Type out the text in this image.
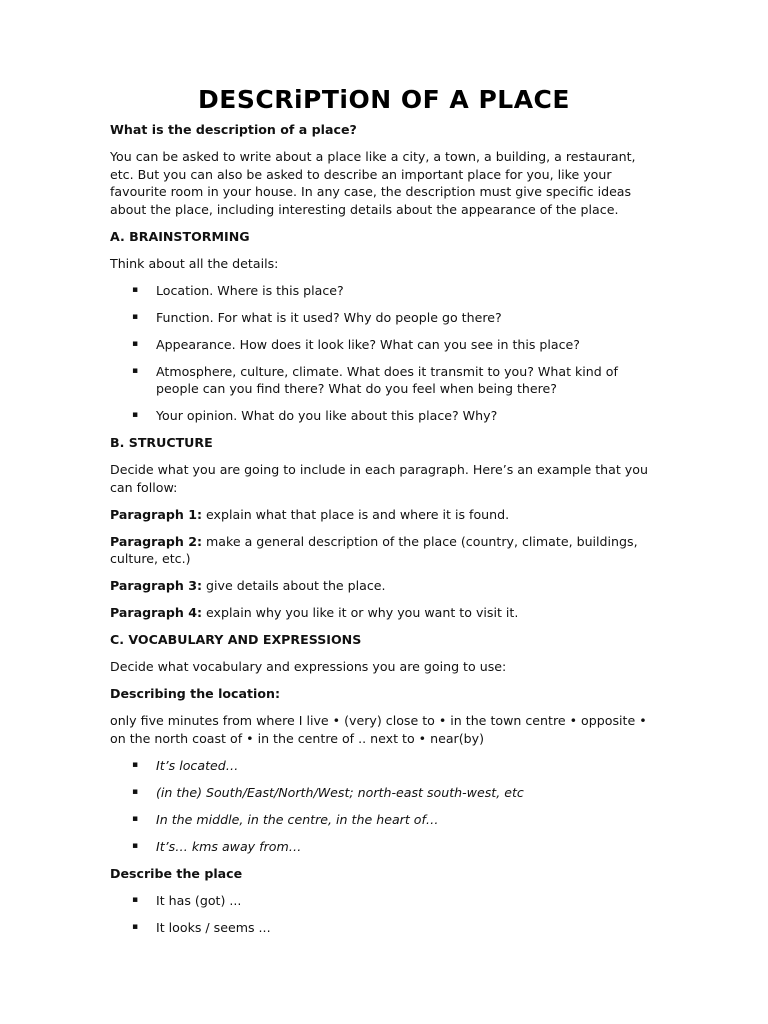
DESCRiPTiON OF A PLACE

What is the description of a place?

You can be asked to write about a place like a city, a town, a building, a restaurant, etc. But you can also be asked to describe an important place for you, like your favourite room in your house. In any case, the description must give specific ideas about the place, including interesting details about the appearance of the place.

A. BRAINSTORMING

Think about all the details:

▪ Location. Where is this place?
▪ Function. For what is it used? Why do people go there?
▪ Appearance. How does it look like? What can you see in this place?
▪ Atmosphere, culture, climate. What does it transmit to you? What kind of people can you find there? What do you feel when being there?
▪ Your opinion. What do you like about this place? Why?

B. STRUCTURE

Decide what you are going to include in each paragraph. Here’s an example that you can follow:

Paragraph 1: explain what that place is and where it is found.

Paragraph 2: make a general description of the place (country, climate, buildings, culture, etc.)

Paragraph 3: give details about the place.

Paragraph 4: explain why you like it or why you want to visit it.

C. VOCABULARY AND EXPRESSIONS

Decide what vocabulary and expressions you are going to use:

Describing the location:

only five minutes from where I live • (very) close to • in the town centre • opposite • on the north coast of • in the centre of .. next to • near(by)

▪ It’s located…
▪ (in the) South/East/North/West; north-east south-west, etc
▪ In the middle, in the centre, in the heart of…
▪ It’s… kms away from…

Describe the place

▪ It has (got) ...
▪ It looks / seems ...
